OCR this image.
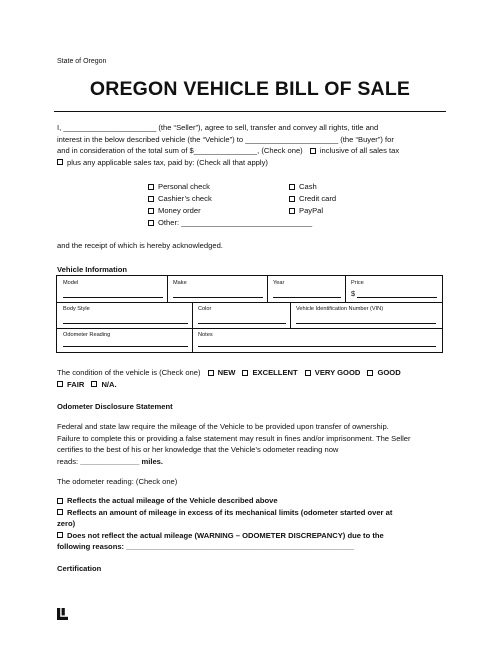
State of Oregon
OREGON VEHICLE BILL OF SALE
I, ______________________ (the “Seller”), agree to sell, transfer and convey all rights, title and
interest in the below described vehicle (the “Vehicle”) to ______________________ (the “Buyer”) for
and in consideration of the total sum of $_______________, (Check one) inclusive of all sales tax
plus any applicable sales tax, paid by: (Check all that apply)
Personal check
Cashier’s check
Money order
Other: _______________________________
Cash
Credit card
PayPal
and the receipt of which is hereby acknowledged.
Vehicle Information
Model	Make	Year	Price
$
Body Style	Color	Vehicle Identification Number (VIN)
Odometer Reading	Notes
The condition of the vehicle is (Check one) NEW EXCELLENT VERY GOOD GOOD
FAIR N/A.
Odometer Disclosure Statement
Federal and state law require the mileage of the Vehicle to be provided upon transfer of ownership.
Failure to complete this or providing a false statement may result in fines and/or imprisonment. The Seller
certifies to the best of his or her knowledge that the Vehicle’s odometer reading now
reads: ______________ miles.
The odometer reading: (Check one)
Reflects the actual mileage of the Vehicle described above
Reflects an amount of mileage in excess of its mechanical limits (odometer started over at
zero)
Does not reflect the actual mileage (WARNING – ODOMETER DISCREPANCY) due to the
following reasons: ______________________________________________________
Certification
